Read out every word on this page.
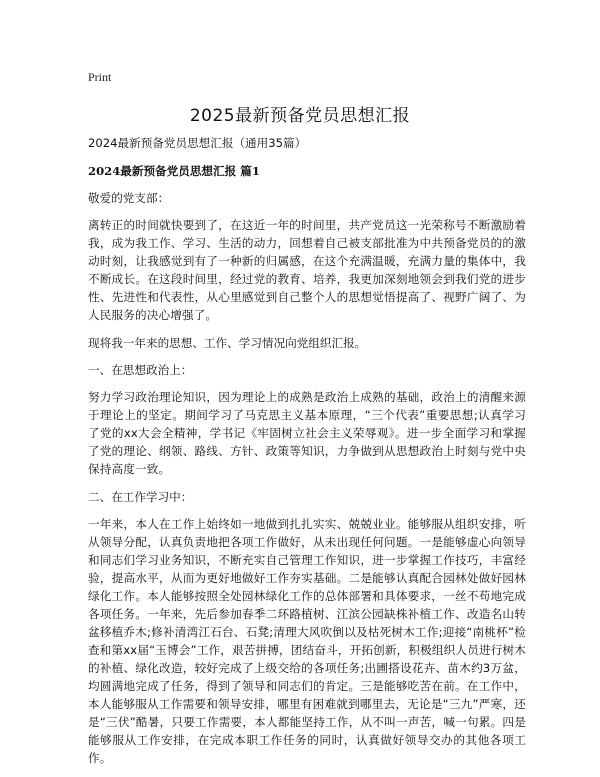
Print
2025最新预备党员思想汇报

2024最新预备党员思想汇报（通用35篇）

2024最新预备党员思想汇报 篇1

敬爱的党支部：

离转正的时间就快要到了，在这近一年的时间里，共产党员这一光荣称号不断激励着我，成为我工作、学习、生活的动力，回想着自己被支部批准为中共预备党员的的激动时刻，让我感觉到有了一种新的归属感，在这个充满温暖，充满力量的集体中，我不断成长。在这段时间里，经过党的教育、培养，我更加深刻地领会到我们党的进步性、先进性和代表性，从心里感觉到自己整个人的思想觉悟提高了、视野广阔了、为人民服务的决心增强了。

现将我一年来的思想、工作、学习情况向党组织汇报。

一、在思想政治上：

努力学习政治理论知识，因为理论上的成熟是政治上成熟的基础，政治上的清醒来源于理论上的坚定。期间学习了马克思主义基本原理，“三个代表”重要思想;认真学习了党的xx大会全精神，学书记《牢固树立社会主义荣辱观》。进一步全面学习和掌握了党的理论、纲领、路线、方针、政策等知识，力争做到从思想政治上时刻与党中央保持高度一致。

二、在工作学习中：

一年来，本人在工作上始终如一地做到扎扎实实、兢兢业业。能够服从组织安排，听从领导分配，认真负责地把各项工作做好，从未出现任何问题。一是能够虚心向领导和同志们学习业务知识，不断充实自己管理工作知识，进一步掌握工作技巧，丰富经验，提高水平，从而为更好地做好工作夯实基础。二是能够认真配合园林处做好园林绿化工作。本人能够按照全处园林绿化工作的总体部署和具体要求，一丝不苟地完成各项任务。一年来，先后参加春季二环路植树、江滨公园缺株补植工作、改造名山转盆移植乔木;修补清湾江石台、石凳;清理大风吹倒以及枯死树木工作;迎接“南桃杯”检查和第xx届“玉博会”工作，艰苦拼搏，团结奋斗，开拓创新，积极组织人员进行树木的补植、绿化改造，较好完成了上级交给的各项任务;出圃搭设花卉、苗木约3万盆，均圆满地完成了任务，得到了领导和同志们的肯定。三是能够吃苦在前。在工作中，本人能够服从工作需要和领导安排，哪里有困难就到哪里去，无论是“三九”严寒，还是“三伏”酷暑，只要工作需要，本人都能坚持工作，从不叫一声苦，喊一句累。四是能够服从工作安排，在完成本职工作任务的同时，认真做好领导交办的其他各项工作。
